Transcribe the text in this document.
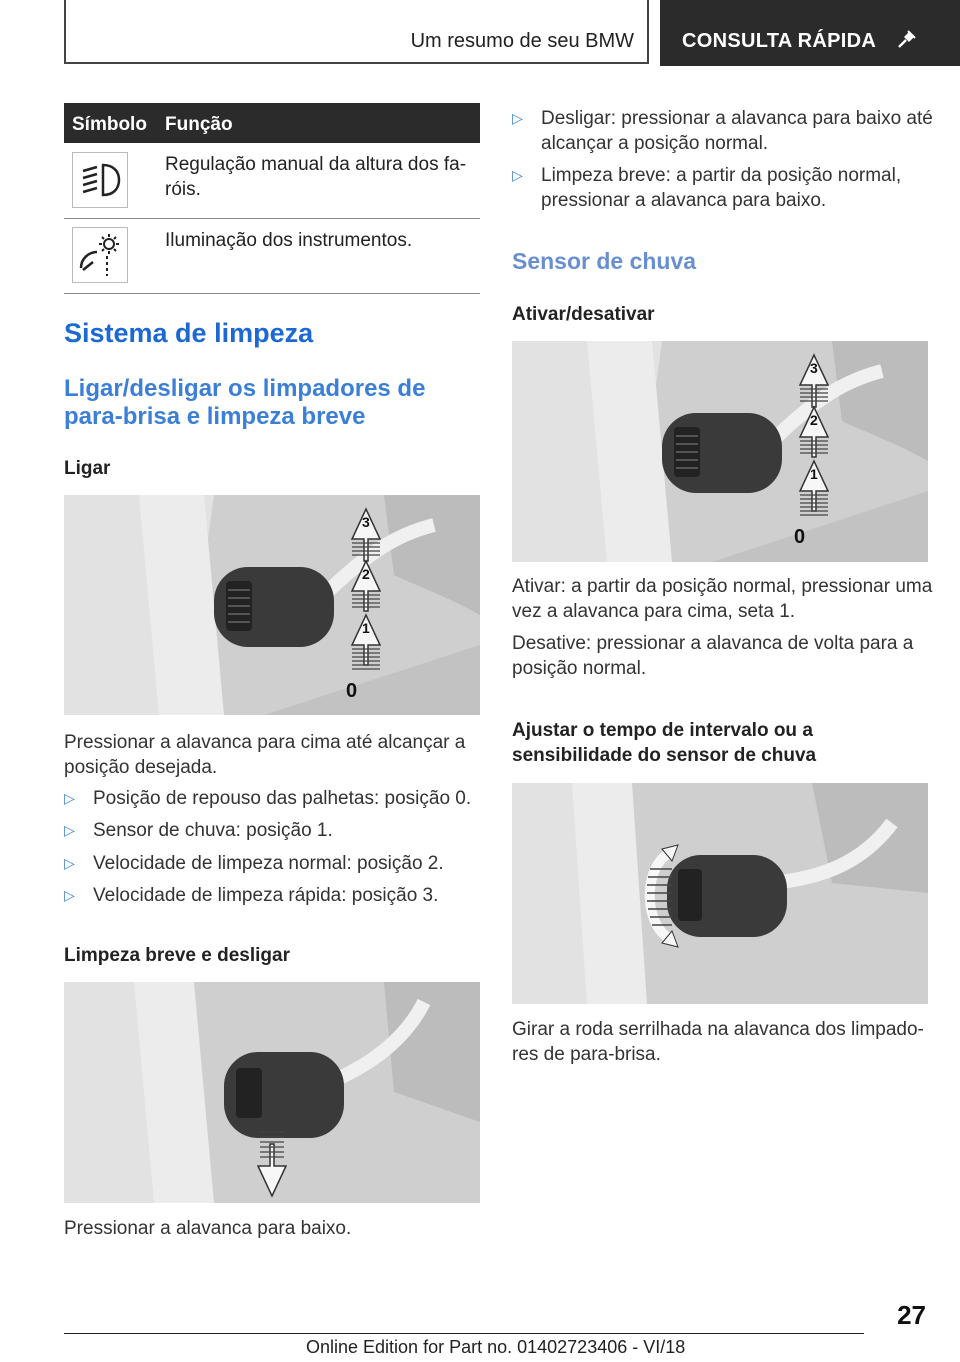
Um resumo de seu BMW CONSULTA RÁPIDA
Símbolo Função
Regulação manual da altura dos fa-
róis.
Iluminação dos instrumentos.
Sistema de limpeza
Ligar/desligar os limpadores de
para-brisa e limpeza breve
Ligar
3
2
1
0
Pressionar a alavanca para cima até alcançar a
posição desejada.
▷ Posição de repouso das palhetas: posição 0.
▷ Sensor de chuva: posição 1.
▷ Velocidade de limpeza normal: posição 2.
▷ Velocidade de limpeza rápida: posição 3.
Limpeza breve e desligar
Pressionar a alavanca para baixo.
▷ Desligar: pressionar a alavanca para baixo até
alcançar a posição normal.
▷ Limpeza breve: a partir da posição normal,
pressionar a alavanca para baixo.
Sensor de chuva
Ativar/desativar
3
2
1
0
Ativar: a partir da posição normal, pressionar uma
vez a alavanca para cima, seta 1.
Desative: pressionar a alavanca de volta para a
posição normal.
Ajustar o tempo de intervalo ou a
sensibilidade do sensor de chuva
Girar a roda serrilhada na alavanca dos limpado-
res de para-brisa.
27
Online Edition for Part no. 01402723406 - VI/18
